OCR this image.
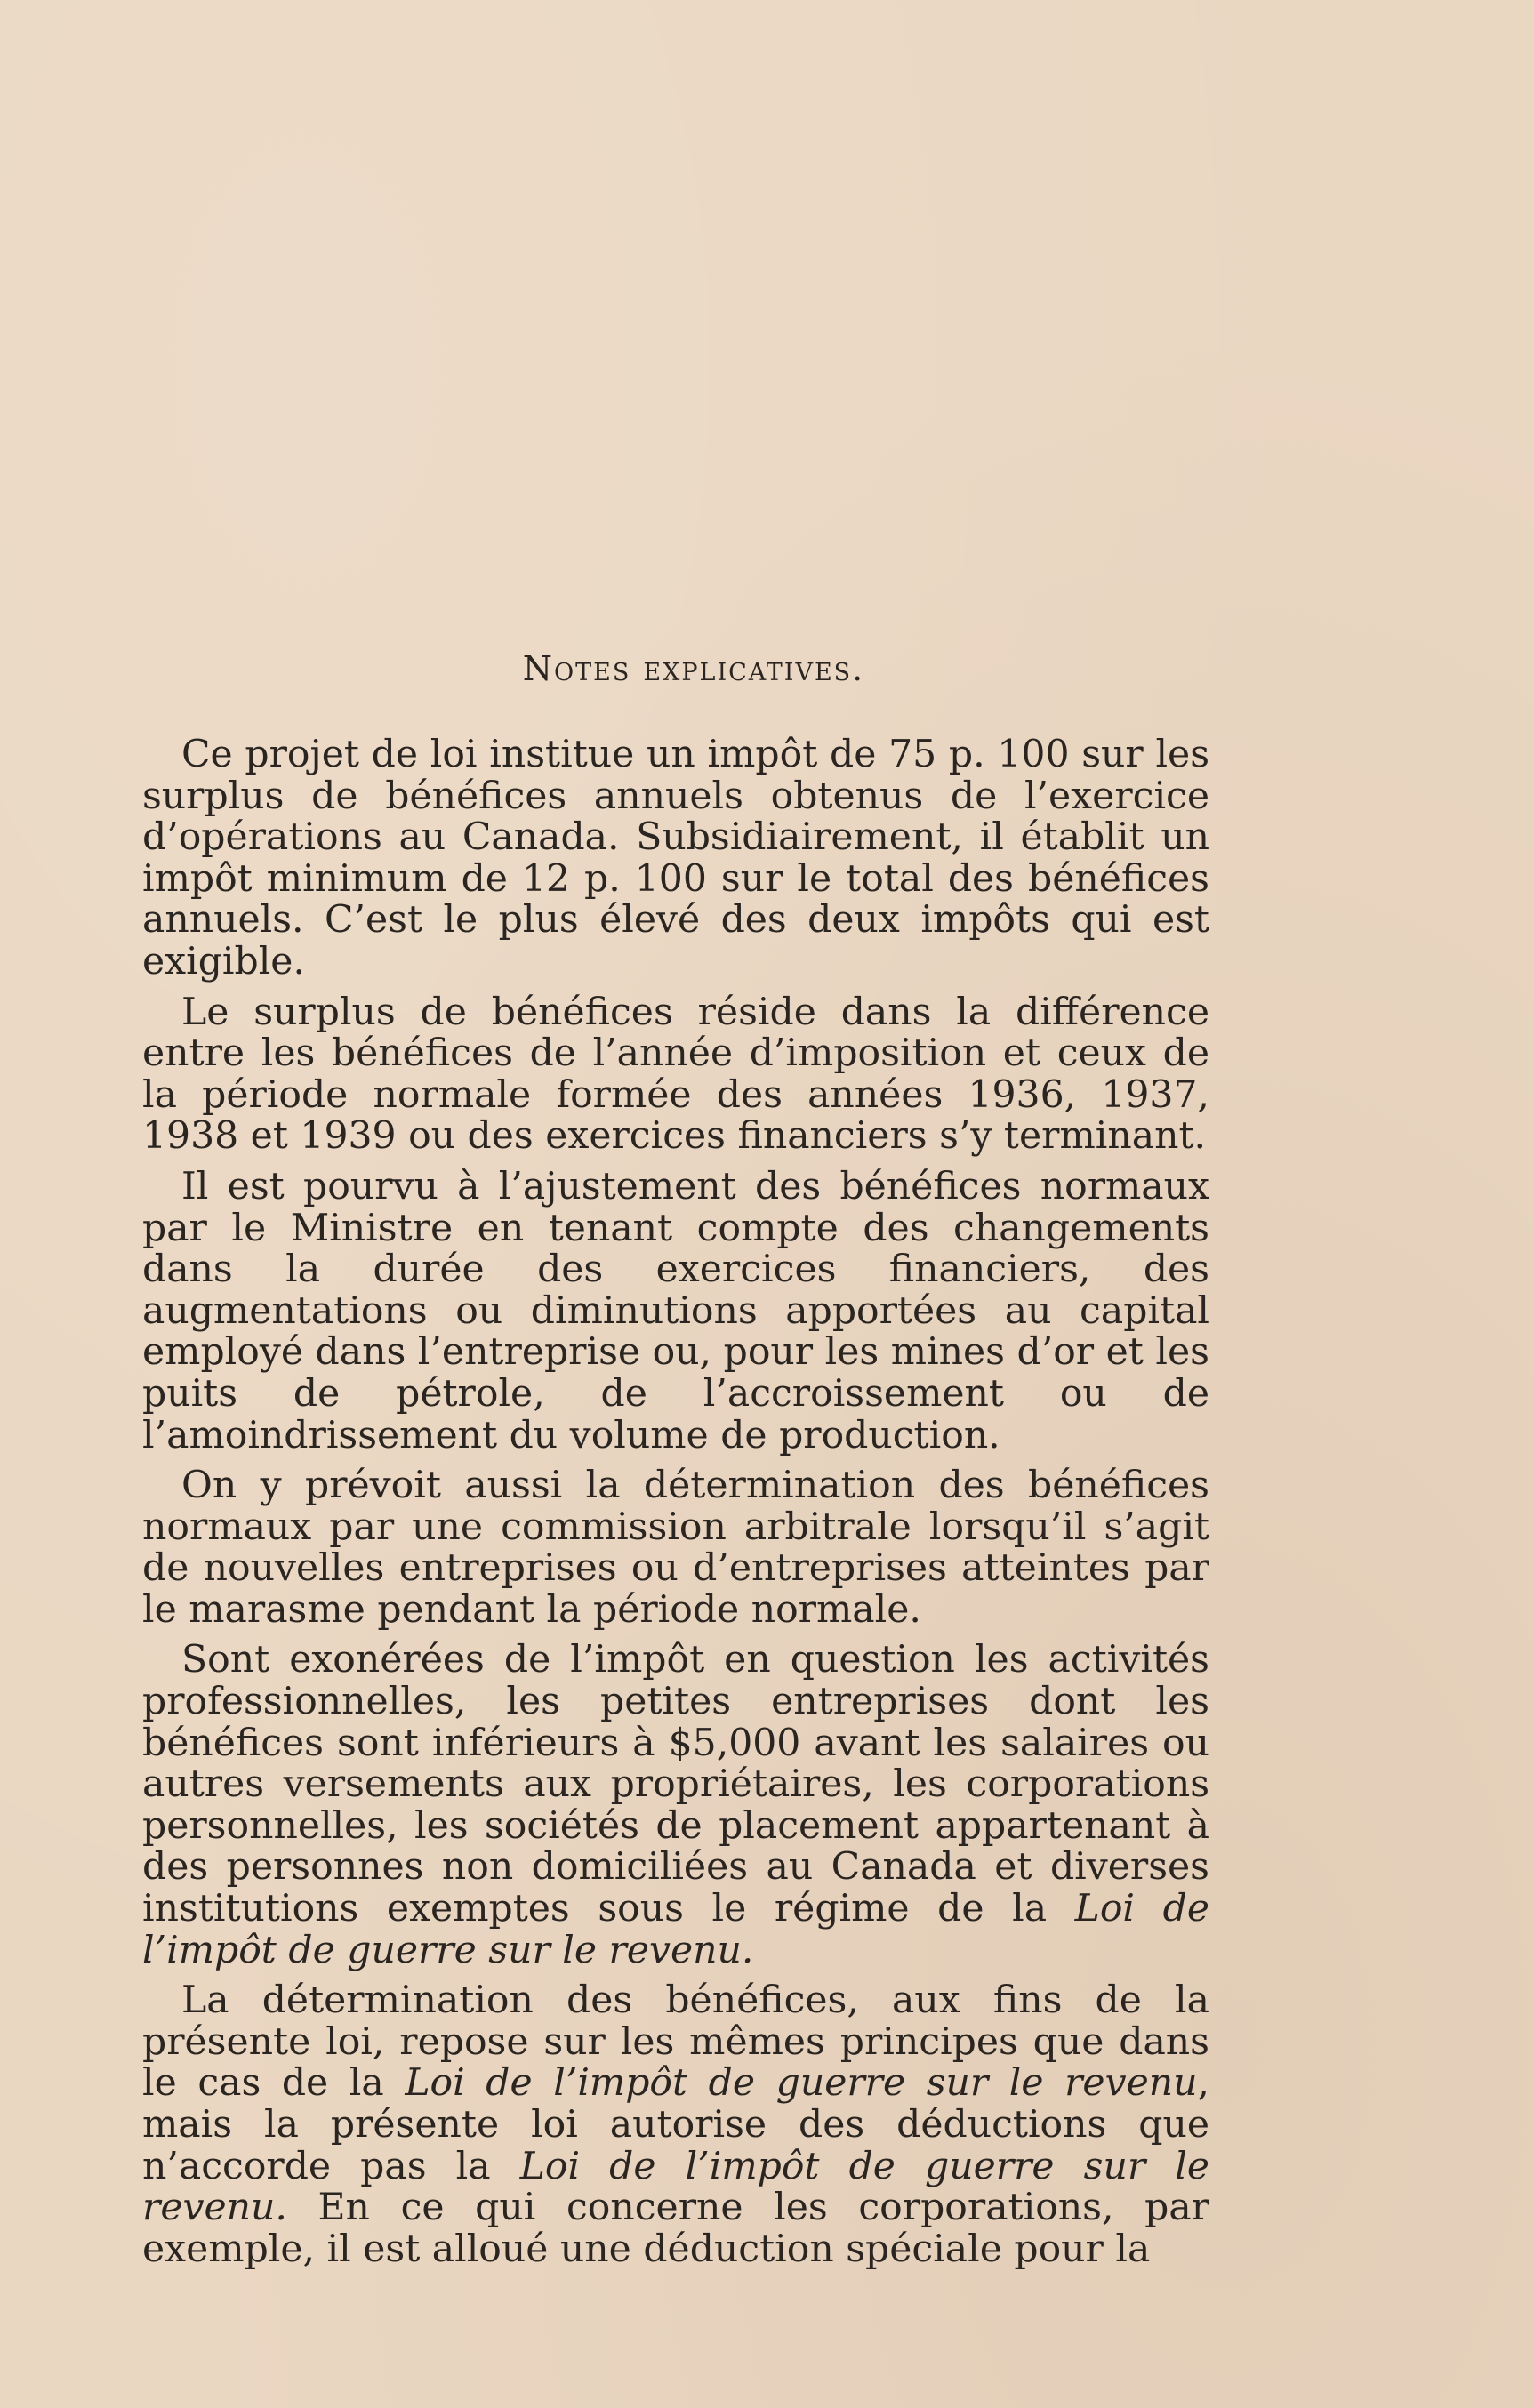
Notes explicatives.

Ce projet de loi institue un impôt de 75 p. 100 sur les surplus de bénéfices annuels obtenus de l’exercice d’opérations au Canada. Subsidiairement, il établit un impôt minimum de 12 p. 100 sur le total des bénéfices annuels. C’est le plus élevé des deux impôts qui est exigible.

Le surplus de bénéfices réside dans la différence entre les bénéfices de l’année d’imposition et ceux de la période normale formée des années 1936, 1937, 1938 et 1939 ou des exercices financiers s’y terminant.

Il est pourvu à l’ajustement des bénéfices normaux par le Ministre en tenant compte des changements dans la durée des exercices financiers, des augmentations ou diminutions apportées au capital employé dans l’entreprise ou, pour les mines d’or et les puits de pétrole, de l’accroissement ou de l’amoindrissement du volume de production.

On y prévoit aussi la détermination des bénéfices normaux par une commission arbitrale lorsqu’il s’agit de nouvelles entreprises ou d’entreprises atteintes par le marasme pendant la période normale.

Sont exonérées de l’impôt en question les activités professionnelles, les petites entreprises dont les bénéfices sont inférieurs à $5,000 avant les salaires ou autres versements aux propriétaires, les corporations personnelles, les sociétés de placement appartenant à des personnes non domiciliées au Canada et diverses institutions exemptes sous le régime de la Loi de l’impôt de guerre sur le revenu.

La détermination des bénéfices, aux fins de la présente loi, repose sur les mêmes principes que dans le cas de la Loi de l’impôt de guerre sur le revenu, mais la présente loi autorise des déductions que n’accorde pas la Loi de l’impôt de guerre sur le revenu. En ce qui concerne les corporations, par exemple, il est alloué une déduction spéciale pour la
